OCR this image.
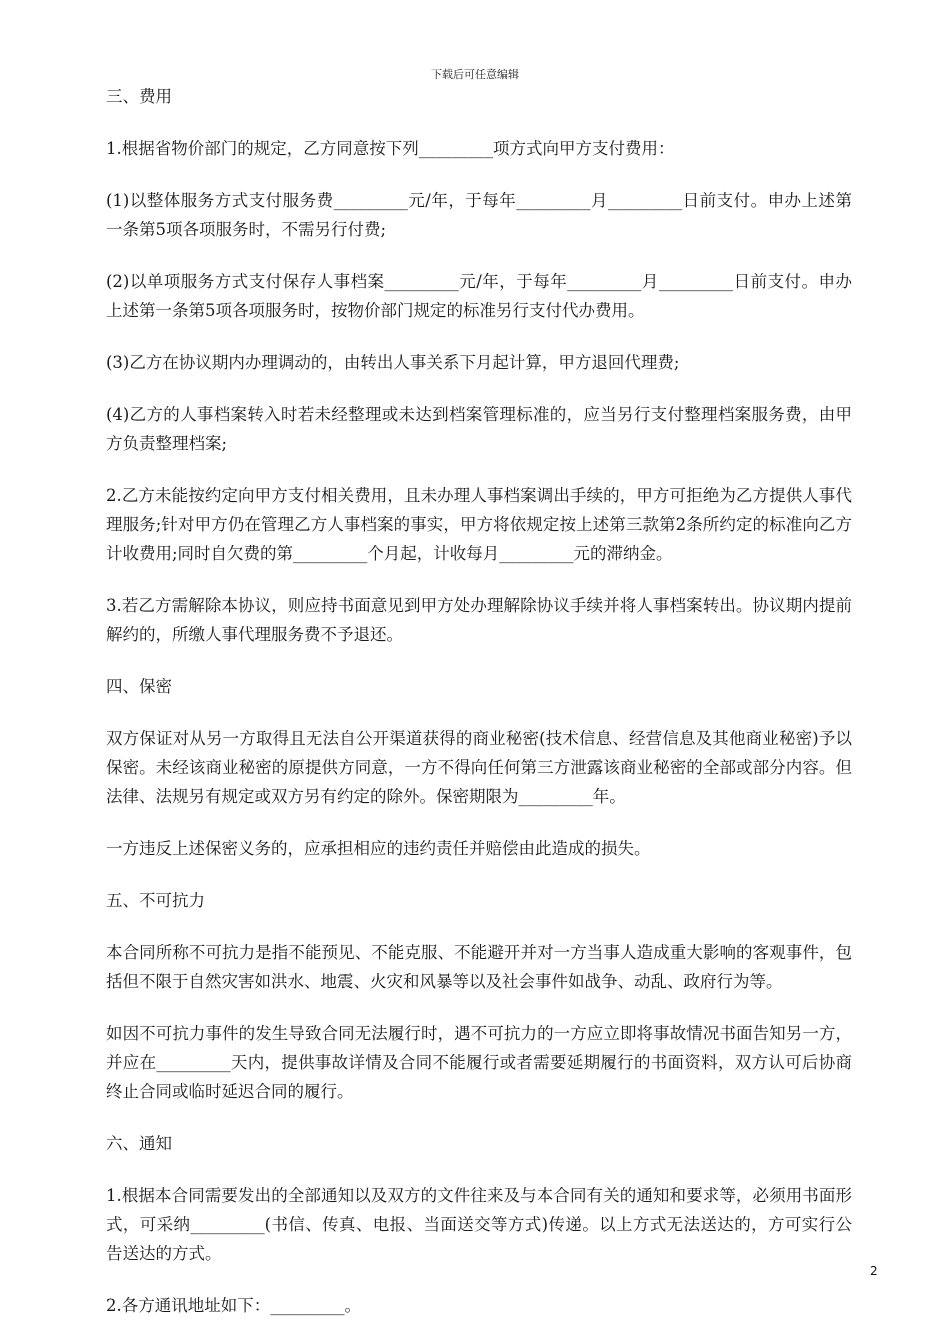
下载后可任意编辑

三、费用

1.根据省物价部门的规定，乙方同意按下列_________项方式向甲方支付费用：

(1)以整体服务方式支付服务费_________元/年，于每年_________月_________日前支付。申办上述第一条第5项各项服务时，不需另行付费;

(2)以单项服务方式支付保存人事档案_________元/年，于每年_________月_________日前支付。申办上述第一条第5项各项服务时，按物价部门规定的标准另行支付代办费用。

(3)乙方在协议期内办理调动的，由转出人事关系下月起计算，甲方退回代理费;

(4)乙方的人事档案转入时若未经整理或未达到档案管理标准的，应当另行支付整理档案服务费，由甲方负责整理档案;

2.乙方未能按约定向甲方支付相关费用，且未办理人事档案调出手续的，甲方可拒绝为乙方提供人事代理服务;针对甲方仍在管理乙方人事档案的事实，甲方将依规定按上述第三款第2条所约定的标准向乙方计收费用;同时自欠费的第_________个月起，计收每月_________元的滞纳金。

3.若乙方需解除本协议，则应持书面意见到甲方处办理解除协议手续并将人事档案转出。协议期内提前解约的，所缴人事代理服务费不予退还。

四、保密

双方保证对从另一方取得且无法自公开渠道获得的商业秘密(技术信息、经营信息及其他商业秘密)予以保密。未经该商业秘密的原提供方同意，一方不得向任何第三方泄露该商业秘密的全部或部分内容。但法律、法规另有规定或双方另有约定的除外。保密期限为_________年。

一方违反上述保密义务的，应承担相应的违约责任并赔偿由此造成的损失。

五、不可抗力

本合同所称不可抗力是指不能预见、不能克服、不能避开并对一方当事人造成重大影响的客观事件，包括但不限于自然灾害如洪水、地震、火灾和风暴等以及社会事件如战争、动乱、政府行为等。

如因不可抗力事件的发生导致合同无法履行时，遇不可抗力的一方应立即将事故情况书面告知另一方，并应在_________天内，提供事故详情及合同不能履行或者需要延期履行的书面资料，双方认可后协商终止合同或临时延迟合同的履行。

六、通知

1.根据本合同需要发出的全部通知以及双方的文件往来及与本合同有关的通知和要求等，必须用书面形式，可采纳_________(书信、传真、电报、当面送交等方式)传递。以上方式无法送达的，方可实行公告送达的方式。

2.各方通讯地址如下：_________。

2
